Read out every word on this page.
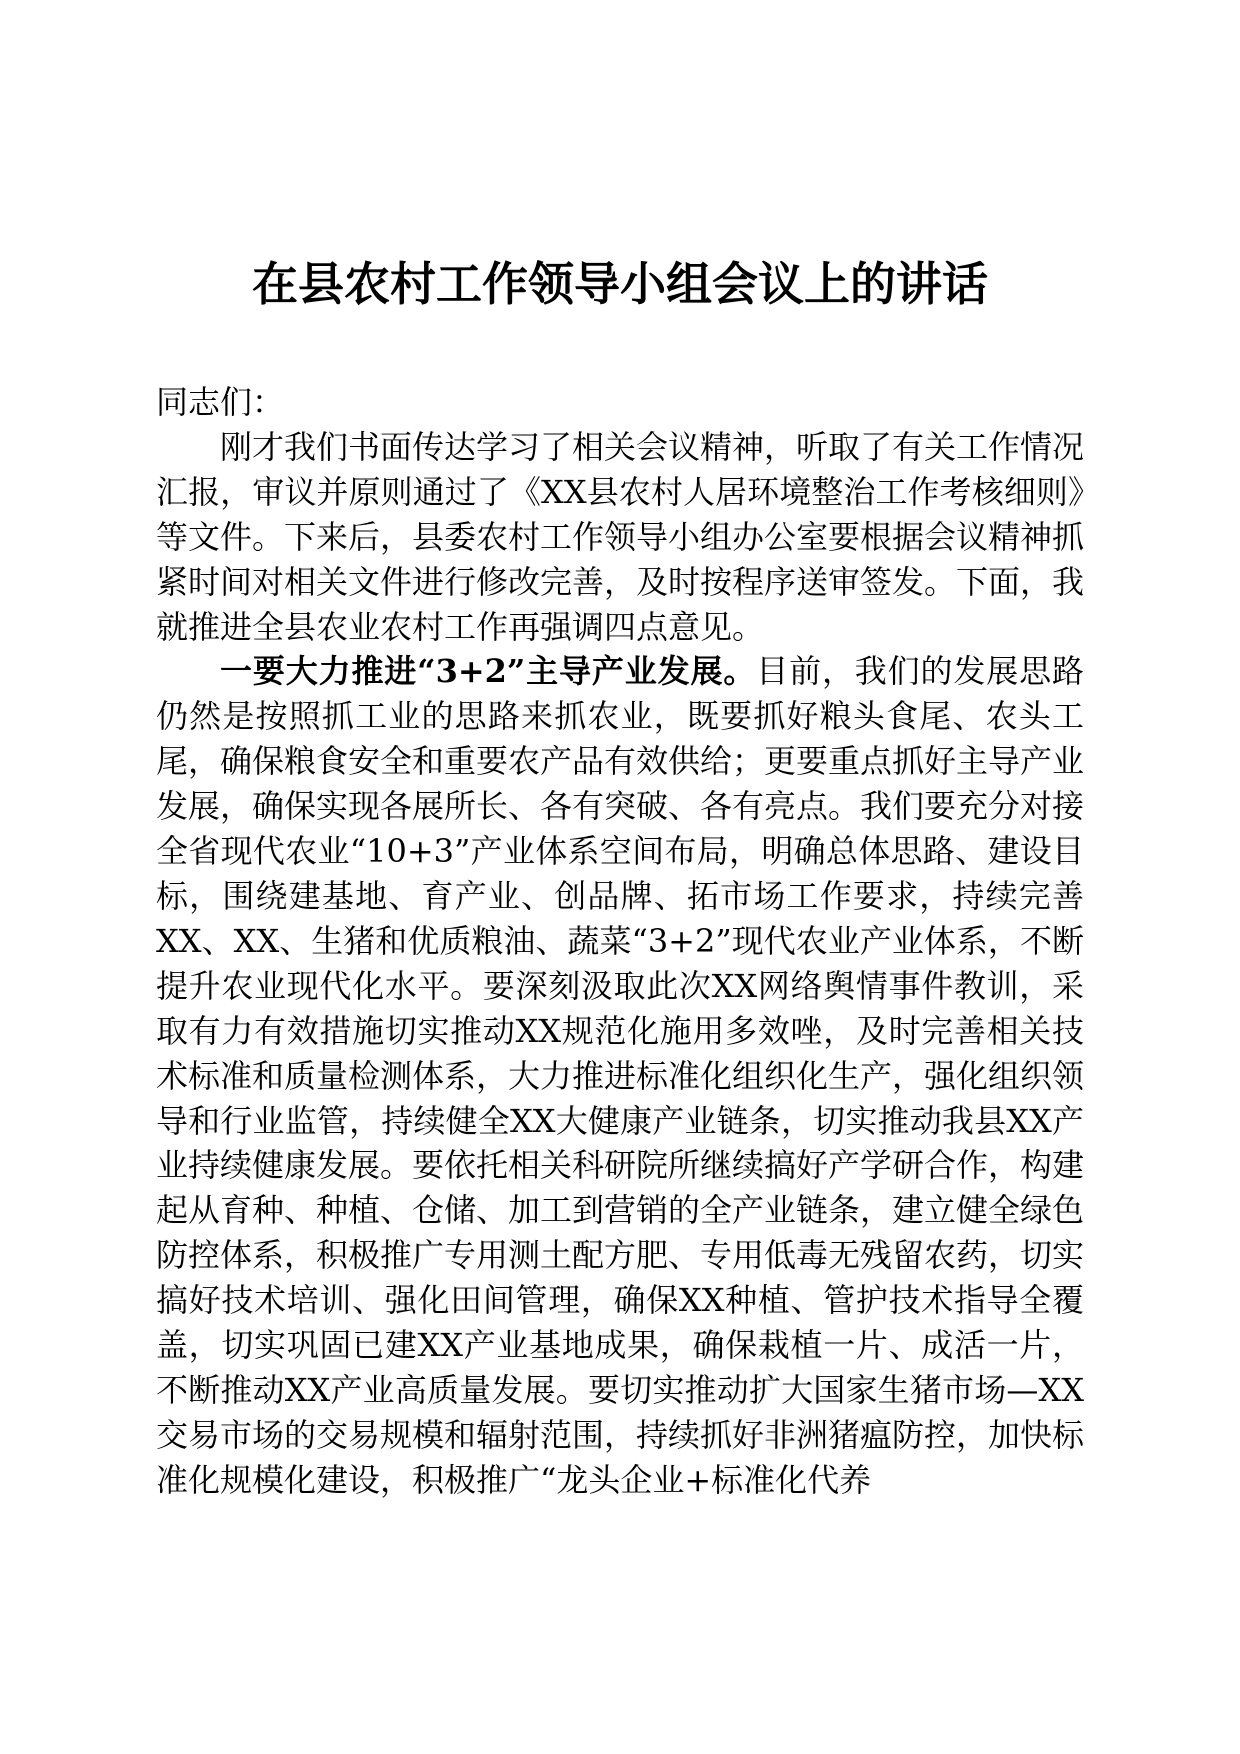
在县农村工作领导小组会议上的讲话

同志们：

刚才我们书面传达学习了相关会议精神，听取了有关工作情况汇报，审议并原则通过了《XX县农村人居环境整治工作考核细则》等文件。下来后，县委农村工作领导小组办公室要根据会议精神抓紧时间对相关文件进行修改完善，及时按程序送审签发。下面，我就推进全县农业农村工作再强调四点意见。

一要大力推进“3+2”主导产业发展。目前，我们的发展思路仍然是按照抓工业的思路来抓农业，既要抓好粮头食尾、农头工尾，确保粮食安全和重要农产品有效供给；更要重点抓好主导产业发展，确保实现各展所长、各有突破、各有亮点。我们要充分对接全省现代农业“10+3”产业体系空间布局，明确总体思路、建设目标，围绕建基地、育产业、创品牌、拓市场工作要求，持续完善XX、XX、生猪和优质粮油、蔬菜“3+2”现代农业产业体系，不断提升农业现代化水平。要深刻汲取此次XX网络舆情事件教训，采取有力有效措施切实推动XX规范化施用多效唑，及时完善相关技术标准和质量检测体系，大力推进标准化组织化生产，强化组织领导和行业监管，持续健全XX大健康产业链条，切实推动我县XX产业持续健康发展。要依托相关科研院所继续搞好产学研合作，构建起从育种、种植、仓储、加工到营销的全产业链条，建立健全绿色防控体系，积极推广专用测土配方肥、专用低毒无残留农药，切实搞好技术培训、强化田间管理，确保XX种植、管护技术指导全覆盖，切实巩固已建XX产业基地成果，确保栽植一片、成活一片，不断推动XX产业高质量发展。要切实推动扩大国家生猪市场—XX交易市场的交易规模和辐射范围，持续抓好非洲猪瘟防控，加快标准化规模化建设，积极推广“龙头企业+标准化代养
